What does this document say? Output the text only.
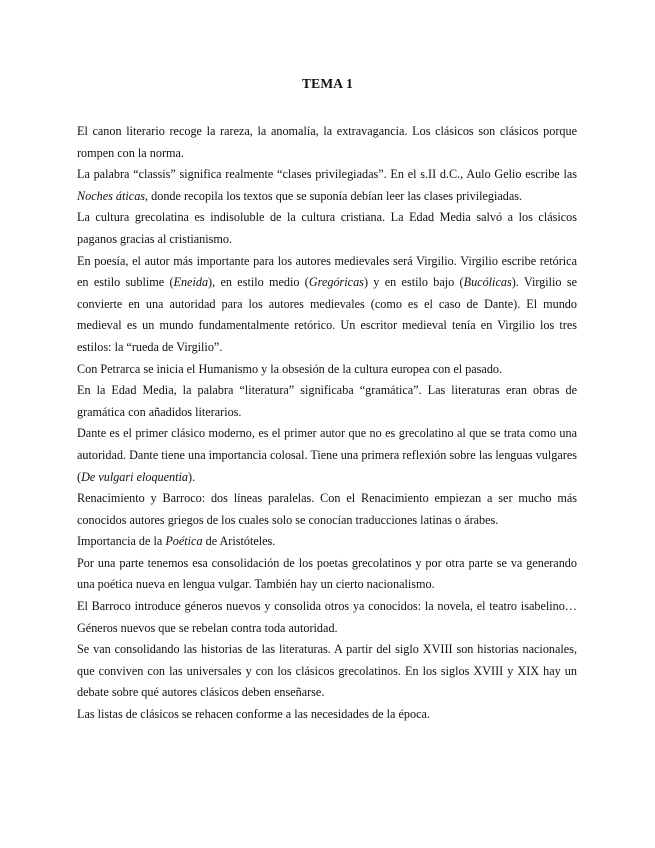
TEMA 1

El canon literario recoge la rareza, la anomalía, la extravagancia. Los clásicos son clásicos porque rompen con la norma.

La palabra “classis” significa realmente “clases privilegiadas”. En el s.II d.C., Aulo Gelio escribe las Noches áticas, donde recopila los textos que se suponía debían leer las clases privilegiadas.

La cultura grecolatina es indisoluble de la cultura cristiana. La Edad Media salvó a los clásicos paganos gracias al cristianismo.

En poesía, el autor más importante para los autores medievales será Virgilio. Virgilio escribe retórica en estilo sublime (Eneida), en estilo medio (Gregóricas) y en estilo bajo (Bucólicas). Virgilio se convierte en una autoridad para los autores medievales (como es el caso de Dante). El mundo medieval es un mundo fundamentalmente retórico. Un escritor medieval tenía en Virgilio los tres estilos: la “rueda de Virgilio”.

Con Petrarca se inicia el Humanismo y la obsesión de la cultura europea con el pasado.

En la Edad Media, la palabra “literatura” significaba “gramática”. Las literaturas eran obras de gramática con añadidos literarios.

Dante es el primer clásico moderno, es el primer autor que no es grecolatino al que se trata como una autoridad. Dante tiene una importancia colosal. Tiene una primera reflexión sobre las lenguas vulgares (De vulgari eloquentia).

Renacimiento y Barroco: dos líneas paralelas. Con el Renacimiento empiezan a ser mucho más conocidos autores griegos de los cuales solo se conocían traducciones latinas o árabes.

Importancia de la Poética de Aristóteles.

Por una parte tenemos esa consolidación de los poetas grecolatinos y por otra parte se va generando una poética nueva en lengua vulgar. También hay un cierto nacionalismo.

El Barroco introduce géneros nuevos y consolida otros ya conocidos: la novela, el teatro isabelino… Géneros nuevos que se rebelan contra toda autoridad.

Se van consolidando las historias de las literaturas. A partir del siglo XVIII son historias nacionales, que conviven con las universales y con los clásicos grecolatinos. En los siglos XVIII y XIX hay un debate sobre qué autores clásicos deben enseñarse.

Las listas de clásicos se rehacen conforme a las necesidades de la época.
